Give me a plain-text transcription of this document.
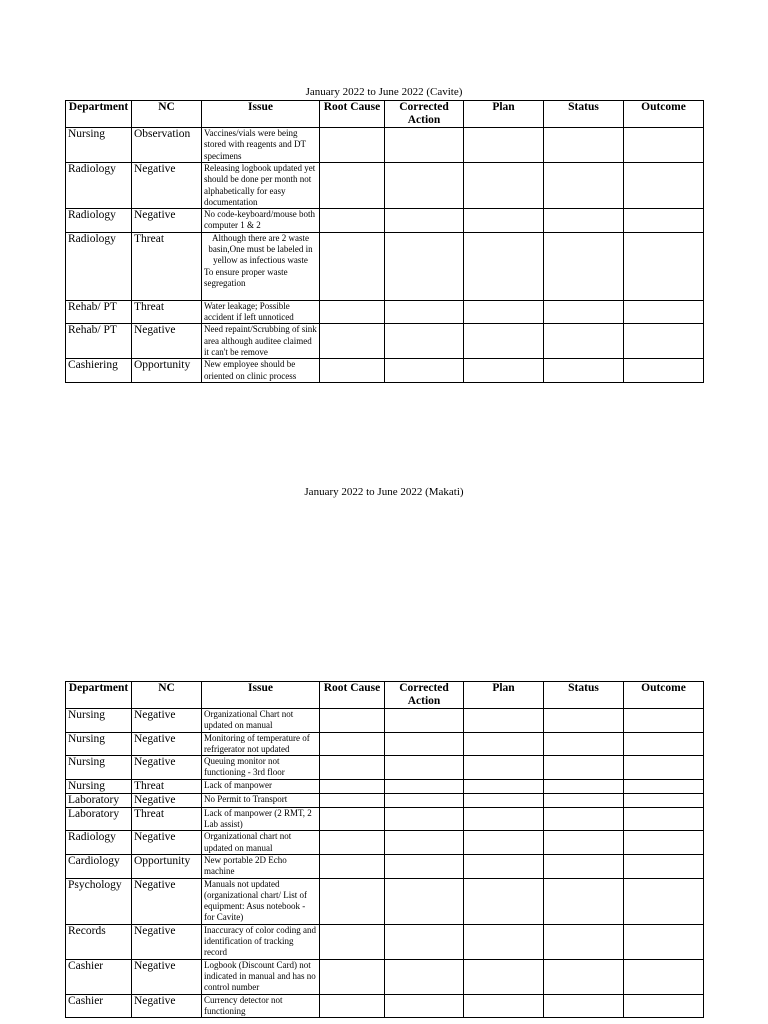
January 2022 to June 2022 (Cavite)
Department	NC	Issue	Root Cause	Corrected Action	Plan	Status	Outcome
Nursing	Observation	Vaccines/vials were being stored with reagents and DT specimens					
Radiology	Negative	Releasing logbook updated yet should be done per month not alphabetically for easy documentation					
Radiology	Negative	No code-keyboard/mouse both computer 1 & 2					
Radiology	Threat	Although there are 2 waste basin,One must be labeled in yellow as infectious waste
To ensure proper waste segregation					

Rehab/ PT	Threat	Water leakage; Possible accident if left unnoticed					
Rehab/ PT	Negative	Need repaint/Scrubbing of sink area although auditee claimed it can't be remove					
Cashiering	Opportunity	New employee should be oriented on clinic process					
January 2022 to June 2022 (Makati)
Department	NC	Issue	Root Cause	Corrected Action	Plan	Status	Outcome
Nursing	Negative	Organizational Chart not updated on manual					
Nursing	Negative	Monitoring of temperature of refrigerator not updated					
Nursing	Negative	Queuing monitor not functioning - 3rd floor					
Nursing	Threat	Lack of manpower					
Laboratory	Negative	No Permit to Transport					
Laboratory	Threat	Lack of manpower (2 RMT, 2 Lab assist)					
Radiology	Negative	Organizational chart not updated on manual					
Cardiology	Opportunity	New portable 2D Echo machine					
Psychology	Negative	Manuals not updated (organizational chart/ List of equipment: Asus notebook - for Cavite)					
Records	Negative	Inaccuracy of color coding and identification of tracking record					
Cashier	Negative	Logbook (Discount Card) not indicated in manual and has no control number					
Cashier	Negative	Currency detector not functioning					
